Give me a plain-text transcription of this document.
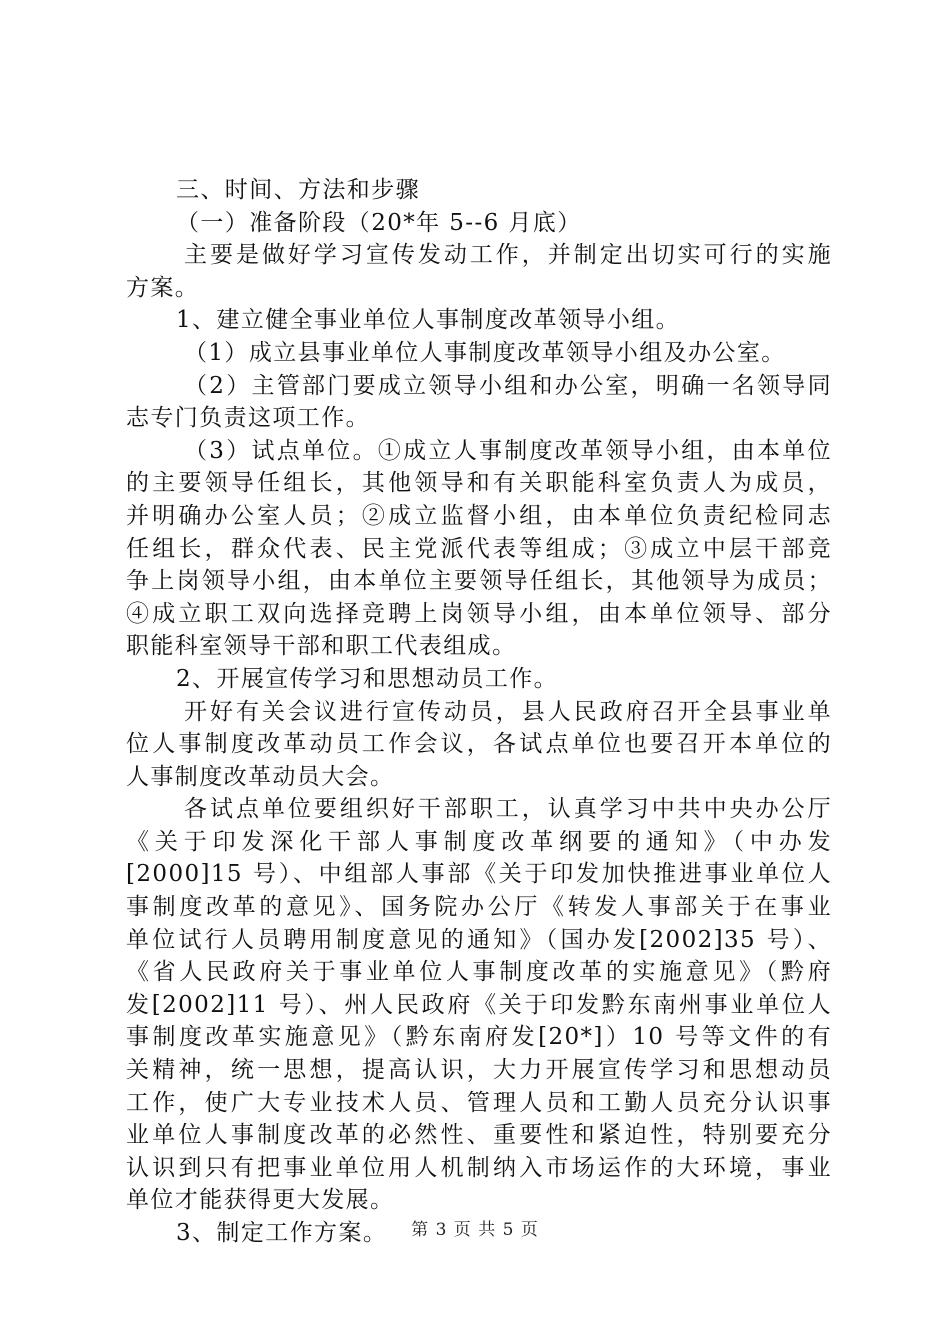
三、时间、方法和步骤
（一）准备阶段（20*年 5--6 月底）
主要是做好学习宣传发动工作，并制定出切实可行的实施
方案。
1、建立健全事业单位人事制度改革领导小组。
（1）成立县事业单位人事制度改革领导小组及办公室。
（2）主管部门要成立领导小组和办公室，明确一名领导同
志专门负责这项工作。
（3）试点单位。①成立人事制度改革领导小组，由本单位
的主要领导任组长，其他领导和有关职能科室负责人为成员，
并明确办公室人员；②成立监督小组，由本单位负责纪检同志
任组长，群众代表、民主党派代表等组成；③成立中层干部竞
争上岗领导小组，由本单位主要领导任组长，其他领导为成员；
④成立职工双向选择竞聘上岗领导小组，由本单位领导、部分
职能科室领导干部和职工代表组成。
2、开展宣传学习和思想动员工作。
开好有关会议进行宣传动员，县人民政府召开全县事业单
位人事制度改革动员工作会议，各试点单位也要召开本单位的
人事制度改革动员大会。
各试点单位要组织好干部职工，认真学习中共中央办公厅
《关于印发深化干部人事制度改革纲要的通知》（中办发
[2000]15 号）、中组部人事部《关于印发加快推进事业单位人
事制度改革的意见》、国务院办公厅《转发人事部关于在事业
单位试行人员聘用制度意见的通知》（国办发[2002]35 号）、
《省人民政府关于事业单位人事制度改革的实施意见》（黔府
发[2002]11 号）、州人民政府《关于印发黔东南州事业单位人
事制度改革实施意见》（黔东南府发[20*]）10 号等文件的有
关精神，统一思想，提高认识，大力开展宣传学习和思想动员
工作，使广大专业技术人员、管理人员和工勤人员充分认识事
业单位人事制度改革的必然性、重要性和紧迫性，特别要充分
认识到只有把事业单位用人机制纳入市场运作的大环境，事业
单位才能获得更大发展。
3、制定工作方案。	第 3 页 共 5 页
